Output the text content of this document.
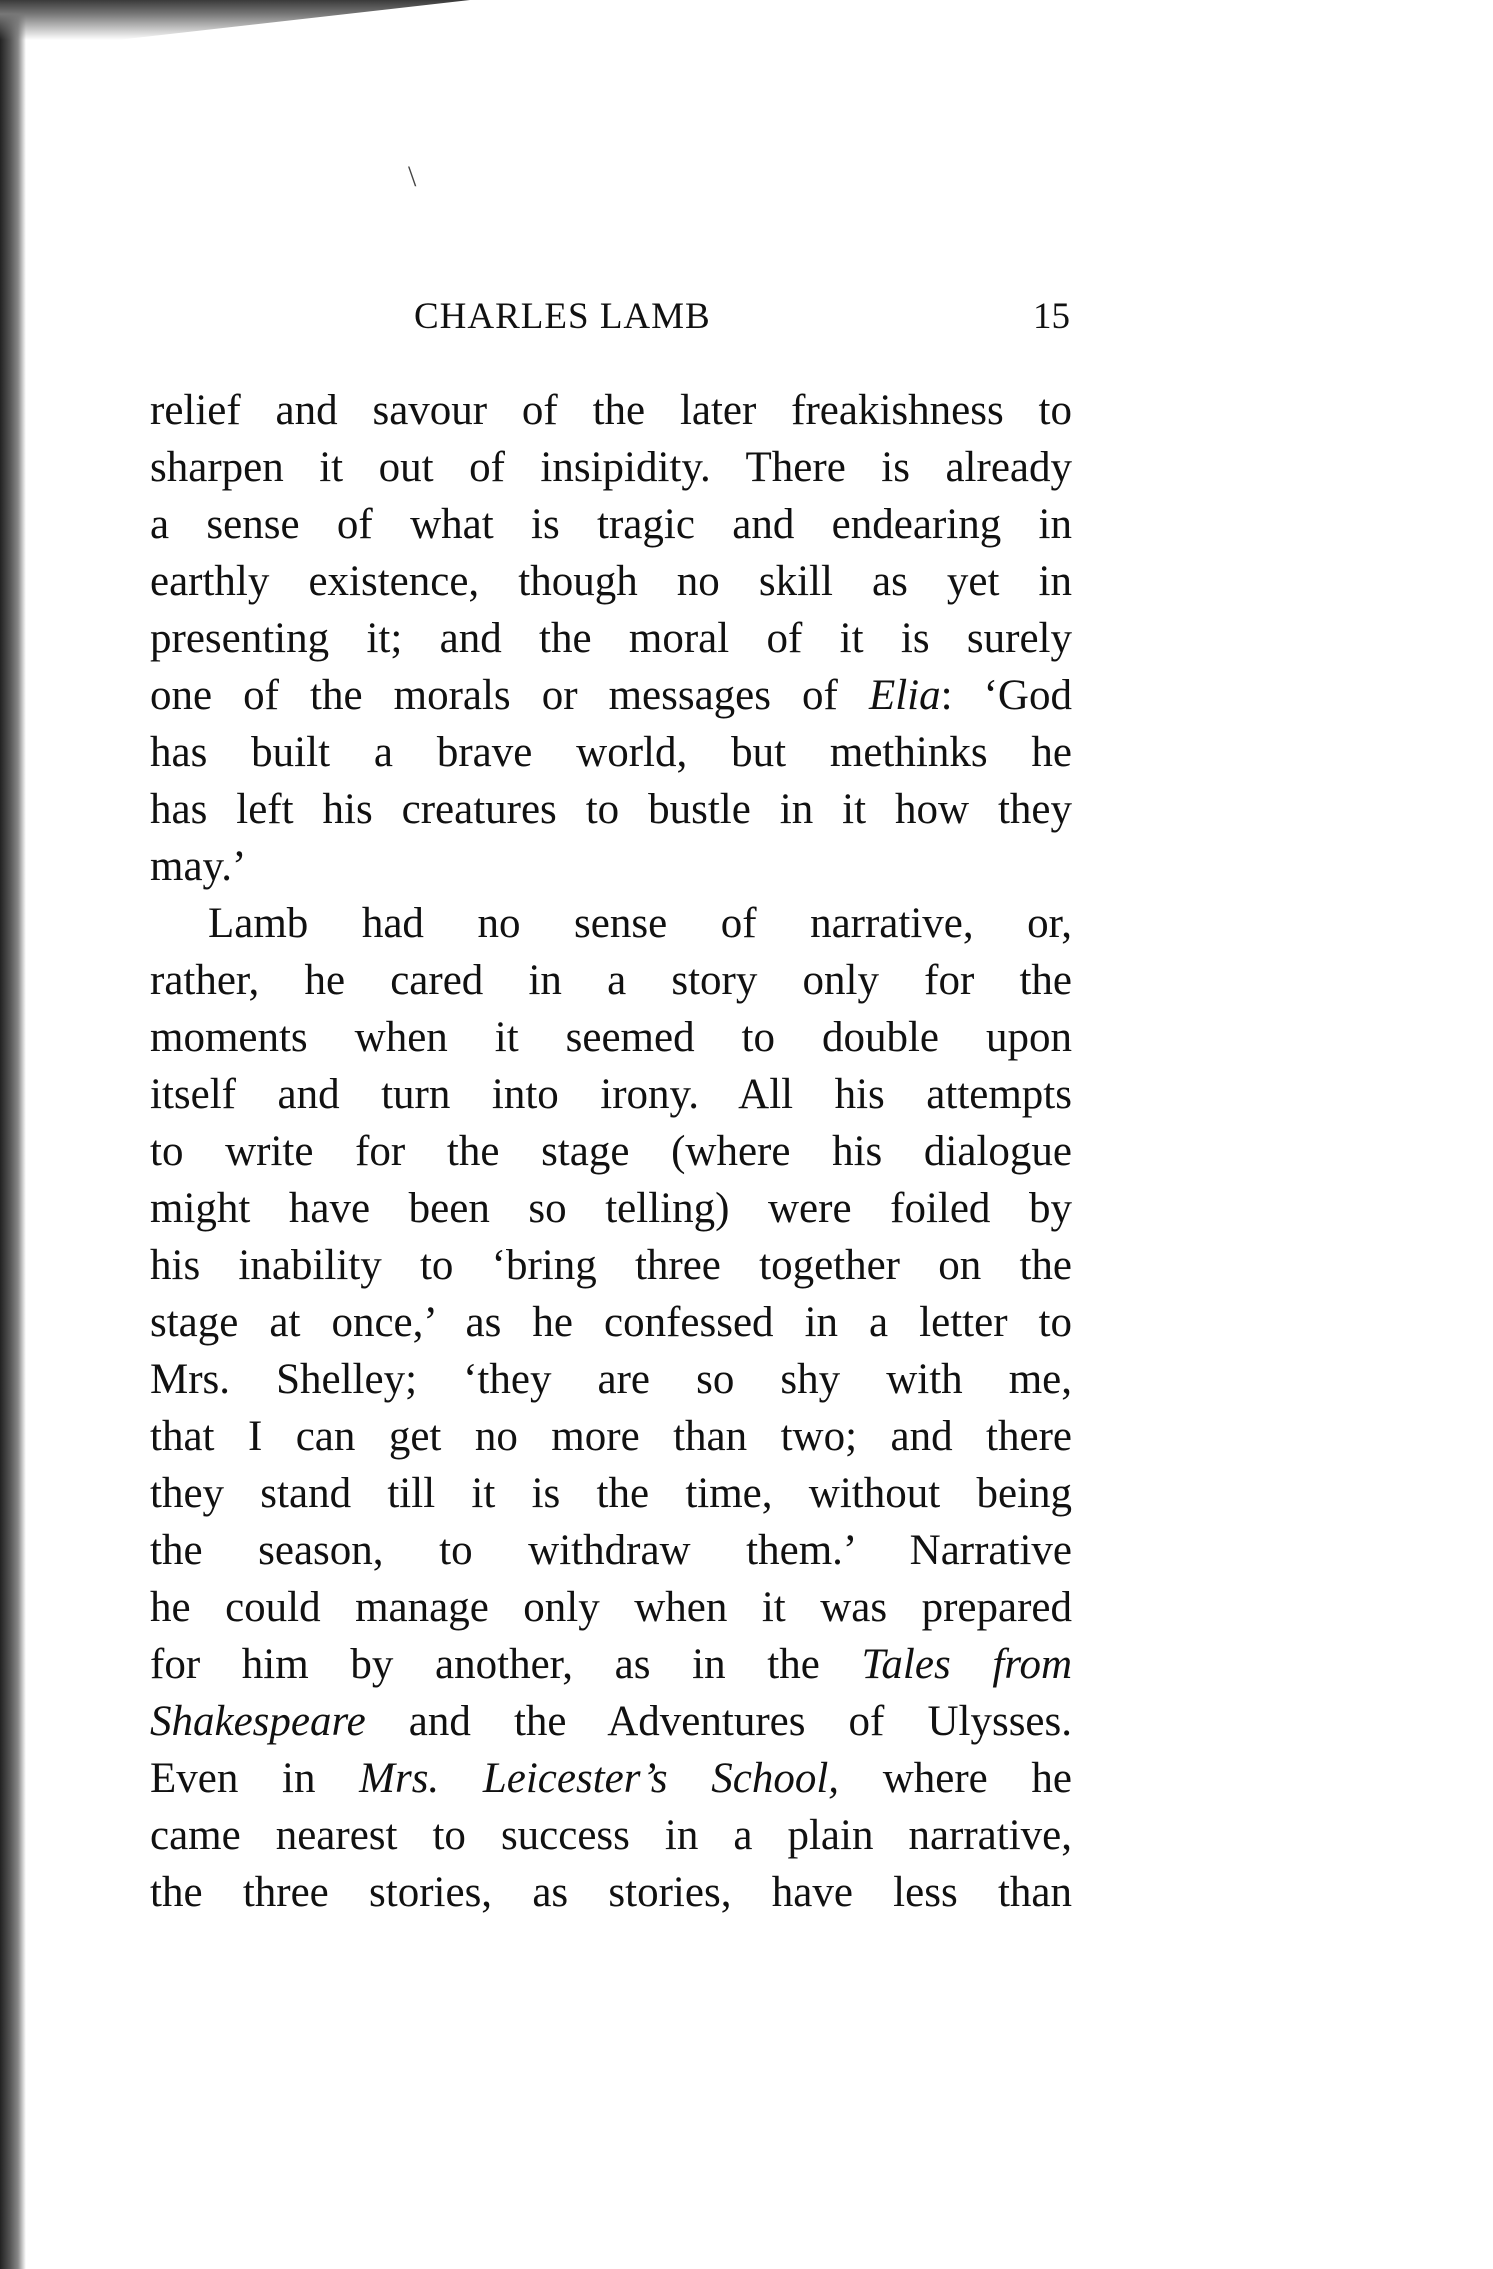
\
CHARLES LAMB	15
relief and savour of the later freakishness to
sharpen it out of insipidity. There is already
a sense of what is tragic and endearing in
earthly existence, though no skill as yet in
presenting it; and the moral of it is surely
one of the morals or messages of Elia: ‘God
has built a brave world, but methinks he
has left his creatures to bustle in it how they
may.’
Lamb had no sense of narrative, or,
rather, he cared in a story only for the
moments when it seemed to double upon
itself and turn into irony. All his attempts
to write for the stage (where his dialogue
might have been so telling) were foiled by
his inability to ‘bring three together on the
stage at once,’ as he confessed in a letter to
Mrs. Shelley; ‘they are so shy with me,
that I can get no more than two; and there
they stand till it is the time, without being
the season, to withdraw them.’ Narrative
he could manage only when it was prepared
for him by another, as in the Tales from
Shakespeare and the Adventures of Ulysses.
Even in Mrs. Leicester’s School, where he
came nearest to success in a plain narrative,
the three stories, as stories, have less than
